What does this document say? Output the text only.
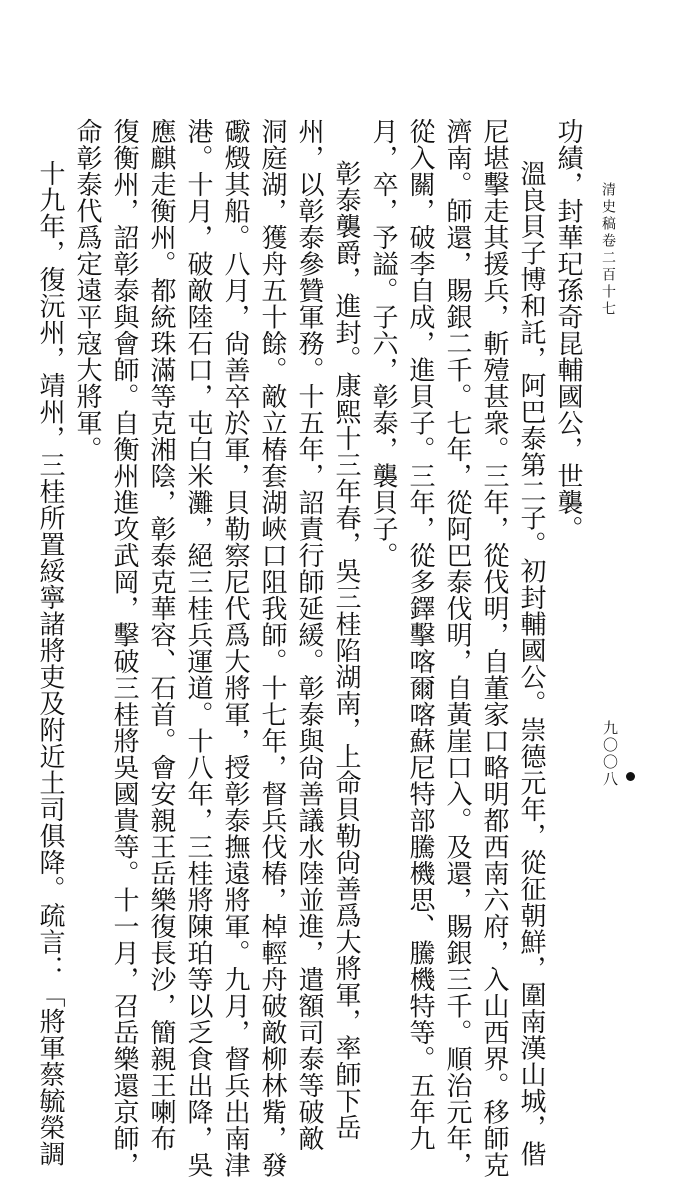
清史稿卷二百十七
九〇〇八
功績，封華玘孫奇昆輔國公，世襲。
溫良貝子博和託，阿巴泰第二子。初封輔國公。崇德元年，從征朝鮮，圍南漢山城，偕
尼堪擊走其援兵，斬殪甚衆。三年，從伐明，自董家口略明都西南六府，入山西界。移師克
濟南。師還，賜銀二千。七年，從阿巴泰伐明，自黃崖口入。及還，賜銀三千。順治元年，
從入關，破李自成，進貝子。三年，從多鐸擊喀爾喀蘇尼特部騰機思、騰機特等。五年九
月，卒，予謚。子六，彰泰，襲貝子。
彰泰襲爵，進封。康熙十三年春，吳三桂陷湖南，上命貝勒尙善爲大將軍，率師下岳
州，以彰泰參贊軍務。十五年，詔責行師延緩。彰泰與尙善議水陸並進，遣額司泰等破敵
洞庭湖，獲舟五十餘。敵立椿套湖峽口阻我師。十七年，督兵伐椿，棹輕舟破敵柳林觜，發
礮燬其船。八月，尙善卒於軍，貝勒察尼代爲大將軍，授彰泰撫遠將軍。九月，督兵出南津
港。十月，破敵陸石口，屯白米灘，絕三桂兵運道。十八年，三桂將陳珀等以乏食出降，吳
應麒走衡州。都統珠滿等克湘陰，彰泰克華容、石首。會安親王岳樂復長沙，簡親王喇布
復衡州，詔彰泰與會師。自衡州進攻武岡，擊破三桂將吳國貴等。十一月，召岳樂還京師，
命彰泰代爲定遠平寇大將軍。
十九年，復沅州，靖州，三桂所置綏寧諸將吏及附近土司俱降。疏言：「將軍蔡毓榮調
